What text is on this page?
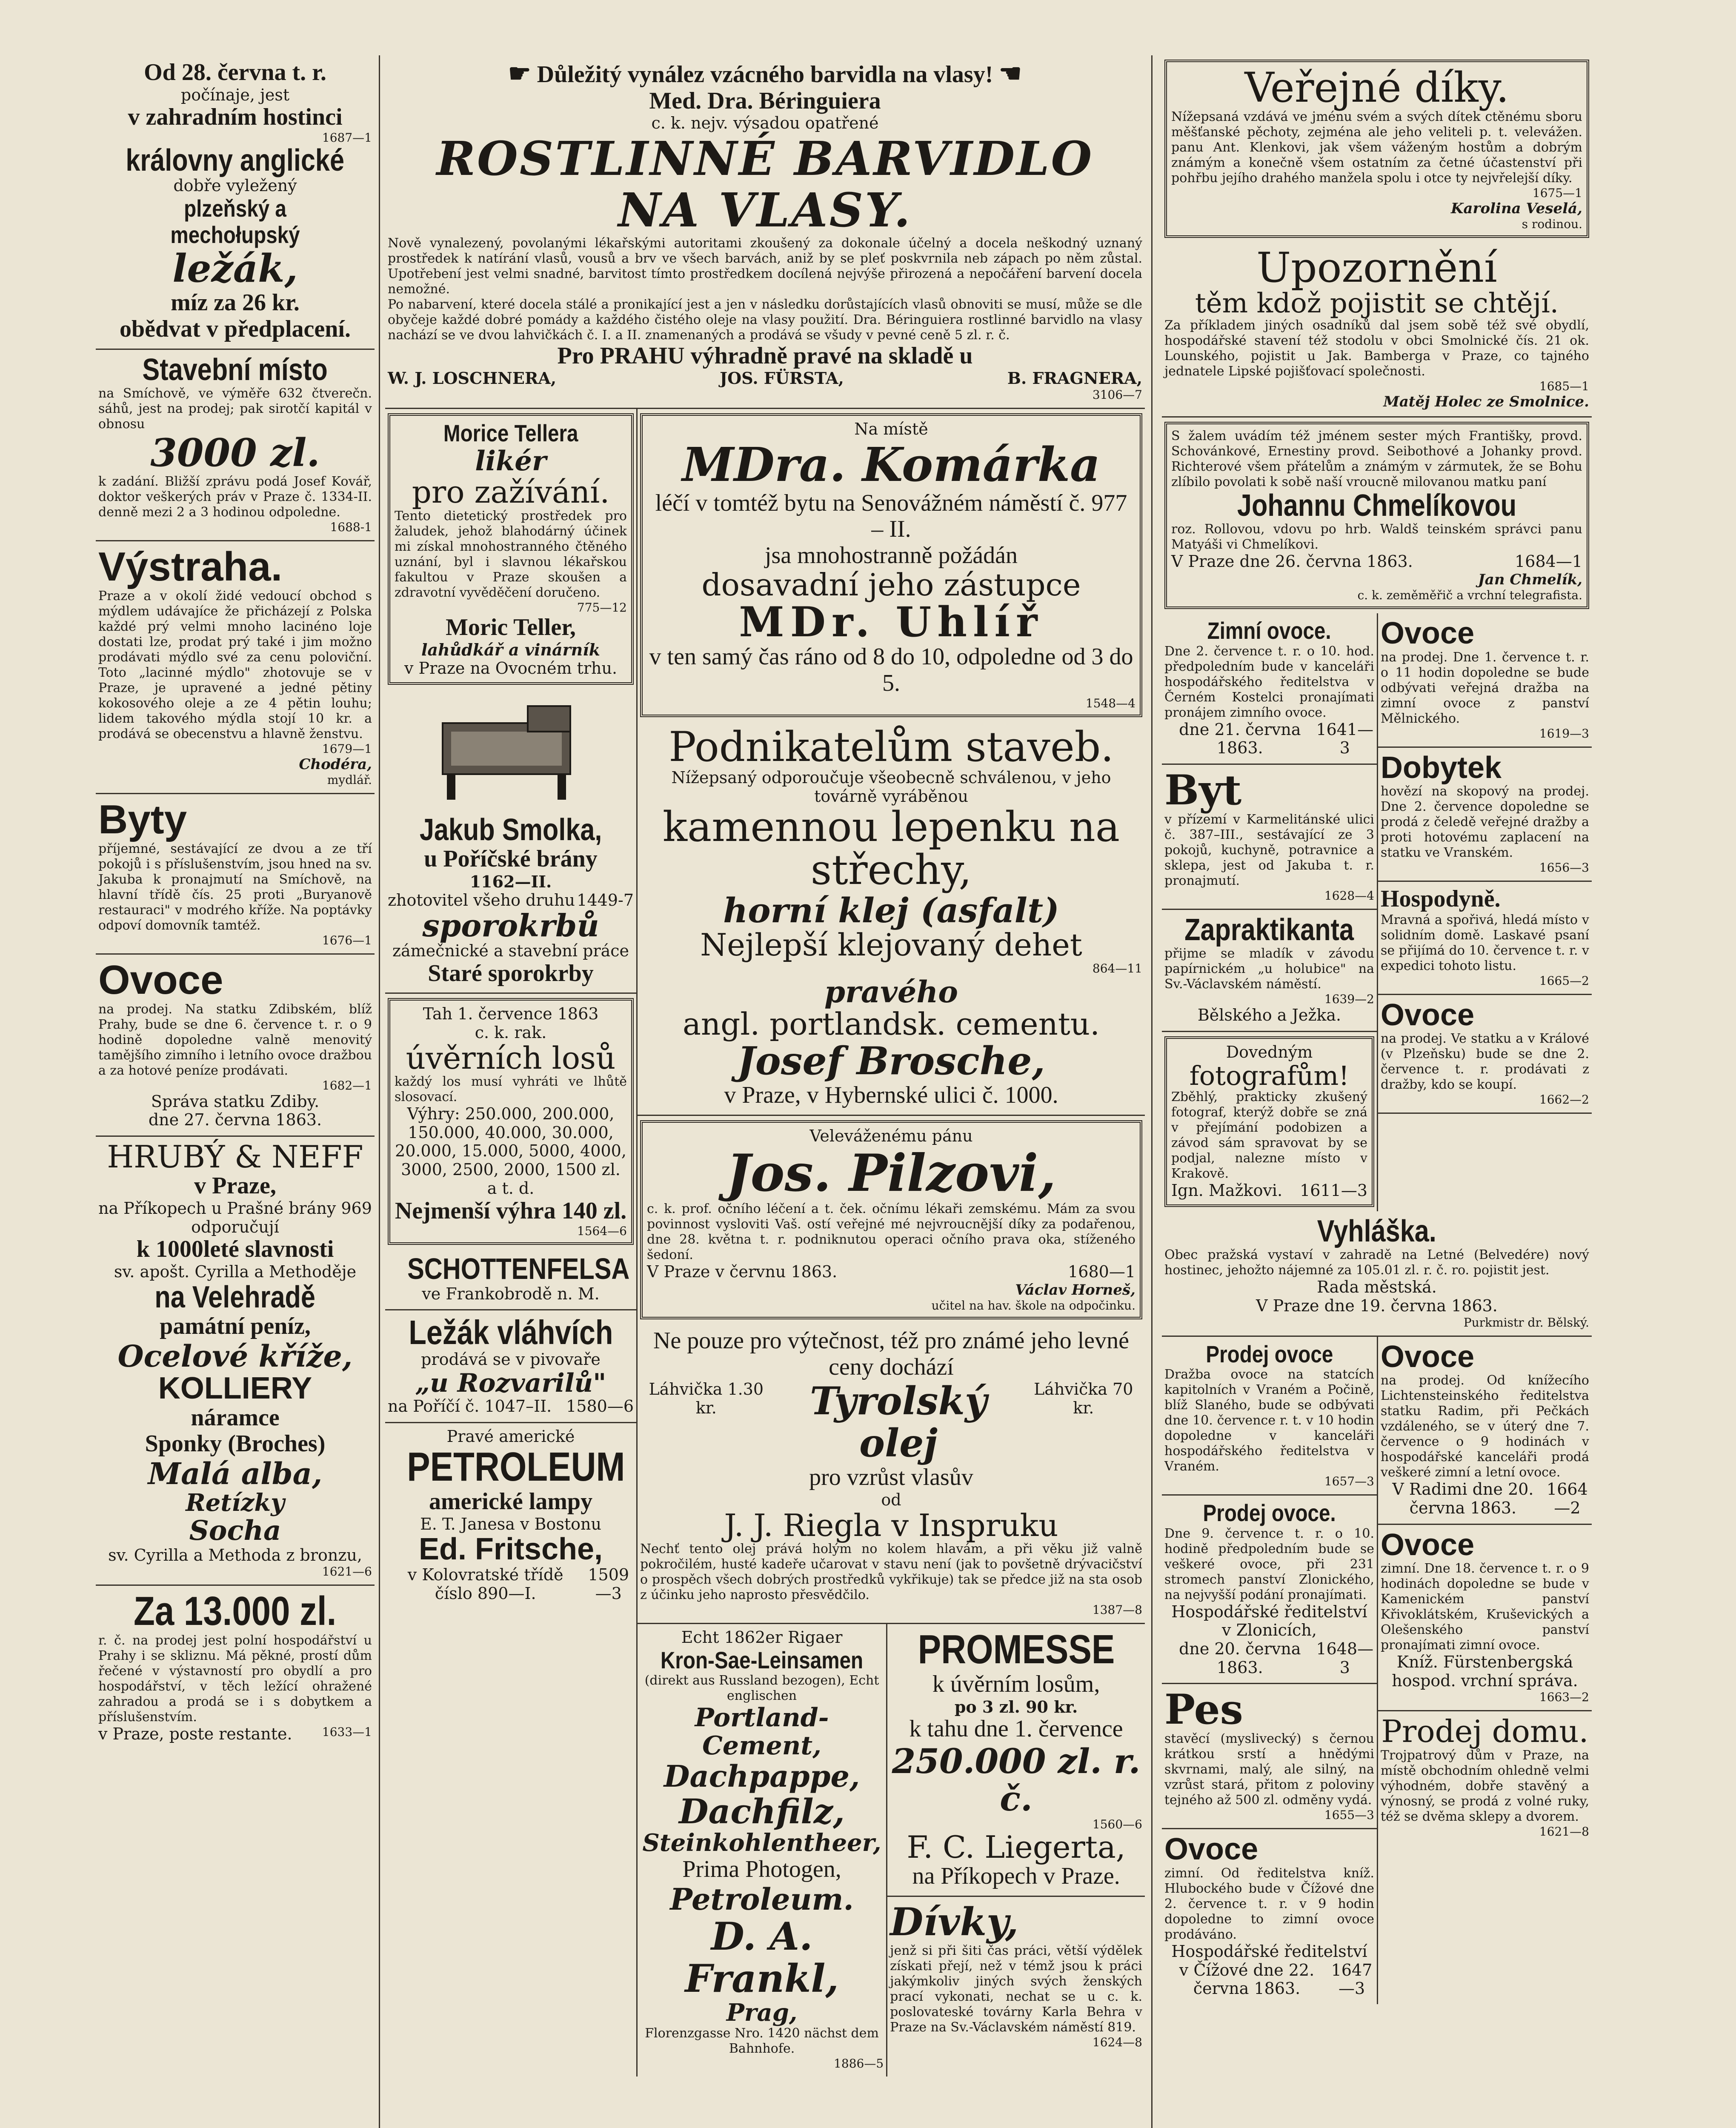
Od 28. června t. r.
počínaje, jest
v zahradním hostinci
1687—1
královny anglické
dobře vyležený
plzeňský a mechołupský
ležák,
míz za 26 kr.
obědvat v předplacení.
Stavební místo
na Smíchově, ve výměře 632 čtverečn. sáhů, jest na prodej; pak sirotčí kapitál v obnosu
3000 zl.
k zadání. Bližší zprávu podá Josef Kovář, doktor veškerých práv v Praze č. 1334-II. denně mezi 2 a 3 hodinou odpoledne.
1688-1
Výstraha.
Praze a v okolí židé vedoucí obchod s mýdlem udávajíce že přicházejí z Polska každé prý velmi mnoho lacinéno loje dostati lze, prodat prý také i jim možno prodávati mýdlo své za cenu poloviční. Toto „lacinné mýdlo" zhotovuje se v Praze, je upravené a jedné pětiny kokosového oleje a ze 4 pětin louhu; lidem takového mýdla stojí 10 kr. a prodává se obecenstvu a hlavně ženstvu.
1679—1
Chodéra,
mydlář.
Byty
příjemné, sestávající ze dvou a ze tří pokojů i s příslušenstvím, jsou hned na sv. Jakuba k pronajmutí na Smíchově, na hlavní třídě čís. 25 proti „Buryanově restauraci" v modrého kříže. Na poptávky odpoví domovník tamtéž.
1676—1
Ovoce
na prodej. Na statku Zdibském, blíž Prahy, bude se dne 6. července t. r. o 9 hodině dopoledne valně menovitý tamějšího zimního i letního ovoce dražbou a za hotové peníze prodávati.
1682—1
Správa statku Zdiby.
dne 27. června 1863.
HRUBÝ & NEFF
v Praze,
na Příkopech u Prašné brány 969 odporučují
k 1000leté slavnosti
sv. apošt. Cyrilla a Methoděje
na Velehradě
památní peníz,
Ocelové kříže,
KOLLIERY
náramce
Sponky (Broches)
Malá alba,
Retízky
Socha
sv. Cyrilla a Methoda z bronzu,
1621—6
Za 13.000 zl.
r. č. na prodej jest polní hospodářství u Prahy i se skliznu. Má pěkné, prostí dům řečené v výstavností pro obydlí a pro hospodářství, v těch ležící ohražené zahradou a prodá se i s dobytkem a příslušenstvím.
v Praze, poste restante.	1633—1
☛ Důležitý vynález vzácného barvidla na vlasy! ☛
Med. Dra. Béringuiera
c. k. nejv. výsadou opatřené
ROSTLINNÉ BARVIDLO NA VLASY.
Nově vynalezený, povolanými lékařskými autoritami zkoušený za dokonale účelný a docela neškodný uznaný prostředek k natírání vlasů, vousů a brv ve všech barvách, aniž by se pleť poskvrnila neb zápach po něm zůstal. Upotřebení jest velmi snadné, barvitost tímto prostředkem docílená nejvýše přirozená a nepočáření barvení docela nemožné.
Po nabarvení, které docela stálé a pronikající jest a jen v následku dorůstajících vlasů obnoviti se musí, může se dle obyčeje každé dobré pomády a každého čistého oleje na vlasy použití. Dra. Béringuiera rostlinné barvidlo na vlasy nachází se ve dvou lahvičkách č. I. a II. znamenaných a prodává se všudy v pevné ceně 5 zl. r. č.
Pro PRAHU výhradně pravé na skladě u
W. J. LOSCHNERA,	JOS. FÜRSTA,	B. FRAGNERA,
3106—7
Morice Tellera
likér
pro zažívání.
Tento dietetický prostředek pro žaludek, jehož blahodárný účinek mi získal mnohostranného čtěného uznání, byl i slavnou lékařskou fakultou v Praze skoušen a zdravotní vyvěděčení doručeno.
775—12
Moric Teller,
lahůdkář a vinárník
v Praze na Ovocném trhu.
Jakub Smolka,
u Poříčské brány
1162—II.
zhotovitel všeho druhu 1449-7
sporokrbů
zámečnické a stavební práce
Staré sporokrby
Tah 1. července 1863
c. k. rak.
úvěrních losů
každý los musí vyhráti ve lhůtě slosovací.
Výhry: 250.000, 200.000, 150.000, 40.000, 30.000, 20.000, 15.000, 5000, 4000, 3000, 2500, 2000, 1500 zl. a t. d.
Nejmenší výhra 140 zl.
1564—6
SCHOTTENFELSA
ve Frankobrodě n. M.
Ležák vláhvích
prodává se v pivovaře
„u Rozvarilů"
na Poříčí č. 1047–II. 1580—6
Pravé americké
PETROLEUM
americké lampy
E. T. Janesa v Bostonu
Ed. Fritsche,
v Kolovratské třídě číslo 890—I.
1509—3
Na místě
MDra. Komárka
léčí v tomtéž bytu na Senovážném náměstí č. 977 – II.
jsa mnohostranně požádán
dosavadní jeho zástupce
MDr. Uhlíř
v ten samý čas ráno od 8 do 10, odpoledne od 3 do 5.
1548—4
Podnikatelům staveb.
Nížepsaný odporoučuje všeobecně schválenou, v jeho továrně vyráběnou
kamennou lepenku na střechy,
horní klej (asfalt)
Nejlepší klejovaný dehet
864—11
pravého
angl. portlandsk. cementu.
Josef Brosche,
v Praze, v Hybernské ulici č. 1000.
Veleváženému pánu
Jos. Pilzovi,
c. k. prof. očního léčení a t. ček. očnímu lékaři zemskému. Mám za svou povinnost vysloviti Vaš. ostí veřejné mé nejvroucnější díky za podařenou, dne 28. května t. r. podniknutou operaci očního prava oka, stíženého šedoní.
V Praze v červnu 1863.	1680—1
Václav Horneš,
učitel na hav. škole na odpočinku.
Ne pouze pro výtečnost, též pro známé jeho levné ceny dochází
Láhvička 1.30 kr.	Tyrolský olej
Láhvička 70 kr.
pro vzrůst vlasův
od
J. J. Riegla v Inspruku
Nechť tento olej prává holým no kolem hlavám, a při věku již valně pokročilém, husté kadeře učarovat v stavu není (jak to povšetně drývacičství o prospěch všech dobrých prostředků vykřikuje) tak se předce již na sta osob z účinku jeho naprosto přesvědčilo.
1387—8
Echt 1862er Rigaer
Kron-Sae-Leinsamen
(direkt aus Russland bezogen), Echt englischen
Portland-Cement,
Dachpappe,
Dachfilz,
Steinkohlentheer,
Prima Photogen,
Petroleum.
D. A. Frankl,
Prag,
Florenzgasse Nro. 1420 nächst dem Bahnhofe.
1886—5
PROMESSE
k úvěrním losům,
po 3 zl. 90 kr.
k tahu dne 1. července
250.000 zl. r. č.
1560—6
F. C. Liegerta,
na Příkopech v Praze.
Dívky,
jenž si při šiti čas práci, větší výdělek získati přejí, než v témž jsou k práci jakýmkoliv jiných svých ženských prací vykonati, nechat se u c. k. poslovateské továrny Karla Behra v Praze na Sv.-Václavském náměstí 819.
1624—8
Veřejné díky.
Nížepsaná vzdává ve jménu svém a svých dítek ctěnému sboru měšťanské pěchoty, zejména ale jeho veliteli p. t. velevážen. panu Ant. Klenkovi, jak všem váženým hostům a dobrým známým a konečně všem ostatním za četné účastenství při pohřbu jejího drahého manžela spolu i otce ty nejvřelejší díky.
1675—1
Karolina Veselá,
s rodinou.
Upozornění
těm kdož pojistit se chtějí.
Za příkladem jiných osadníků dal jsem sobě též své obydlí, hospodářské stavení též stodolu v obci Smolnické čís. 21 ok. Lounského, pojistit u Jak. Bamberga v Praze, co tajného jednatele Lipské pojišťovací společnosti.
1685—1
Matěj Holec ze Smolnice.
S žalem uvádím též jménem sester mých Františky, provd. Schovánkové, Ernestiny provd. Seibothové a Johanky provd. Richterové všem přátelům a známým v zármutek, že se Bohu zlíbilo povolati k sobě naší vroucně milovanou matku paní
Johannu Chmelíkovou
roz. Rollovou, vdovu po hrb. Waldš teinském správci panu Matyáši vi Chmelíkovi.
V Praze dne 26. června 1863.	1684—1
Jan Chmelík,
c. k. zeměměřič a vrchní telegrafista.
Zimní ovoce.
Dne 2. července t. r. o 10. hod. předpoledním bude v kanceláři hospodářského ředitelstva v Černém Kostelci pronajímati pronájem zimního ovoce.
dne 21. června 1863.
1641—3
Byt
v přízemí v Karmelitánské ulici č. 387–III., sestávající ze 3 pokojů, kuchyně, potravnice a sklepa, jest od Jakuba t. r. pronajmutí.
1628—4
Zapraktikanta
přijme se mladík v závodu papírnickém „u holubice" na Sv.-Václavském náměstí.
1639—2
Bělského a Ježka.
Dovedným
fotografům!
Zběhlý, prakticky zkušený fotograf, kterýž dobře se zná v přejímání podobizen a závod sám spravovat by se podjal, nalezne místo v Krakově.
Ign. Mažkovi. 1611—3
Ovoce
na prodej. Dne 1. července t. r. o 11 hodin dopoledne se bude odbývati veřejná dražba na zimní ovoce z panství Mělnického.
1619—3
Dobytek
hovězí na skopový na prodej. Dne 2. července dopoledne se prodá z čeledě veřejné dražby a proti hotovému zaplacení na statku ve Vranském.
1656—3
Hospodyně.
Mravná a spořivá, hledá místo v solidním domě. Laskavé psaní se přijímá do 10. července t. r. v expedici tohoto listu.
1665—2
Ovoce
na prodej. Ve statku a v Králové (v Plzeňsku) bude se dne 2. července t. r. prodávati z dražby, kdo se koupí.
1662—2
Vyhláška.
Obec pražská vystaví v zahradě na Letné (Belvedére) nový hostinec, jehožto nájemné za 105.01 zl. r. č. ro. pojistit jest.
Rada městská.
V Praze dne 19. června 1863.
Purkmistr dr. Bělský.
Prodej ovoce
Dražba ovoce na statcích kapitolních v Vraném a Počině, blíž Slaného, bude se odbývati dne 10. července r. t. v 10 hodin dopoledne v kanceláři hospodářského ředitelstva v Vraném.
1657—3
Prodej ovoce.
Dne 9. července t. r. o 10. hodině předpoledním bude se veškeré ovoce, při 231 stromech panství Zlonického, na nejvyšší podání pronajímati.
Hospodářské ředitelství v Zlonicích,
dne 20. června 1863.
1648—3
Pes
stavěcí (myslivecký) s černou krátkou srstí a hnědými skvrnami, malý, ale silný, na vzrůst stará, přitom z poloviny tejného až 500 zl. odměny vydá.
1655—3
Ovoce
zimní. Od ředitelstva kníž. Hlubockého bude v Čížové dne 2. července t. r. v 9 hodin dopoledne to zimní ovoce prodáváno.
Hospodářské ředitelství
v Čížové dne 22. června 1863.
1647—3
Ovoce
na prodej. Od knížecího Lichtensteinského ředitelstva statku Radim, při Pečkách vzdáleného, se v úterý dne 7. července o 9 hodinách v hospodářské kanceláři prodá veškeré zimní a letní ovoce.
V Radimi dne 20. června 1863.
1664—2
Ovoce
zimní. Dne 18. července t. r. o 9 hodinách dopoledne se bude v Kamenickém panství Křivoklátském, Kruševických a Olešenského panství pronajímati zimní ovoce.
Kníž. Fürstenbergská hospod. vrchní správa.
1663—2
Prodej domu.
Trojpatrový dům v Praze, na místě obchodním ohledně velmi výhodném, dobře stavěný a výnosný, se prodá z volné ruky, též se dvěma sklepy a dvorem.
1621—8
